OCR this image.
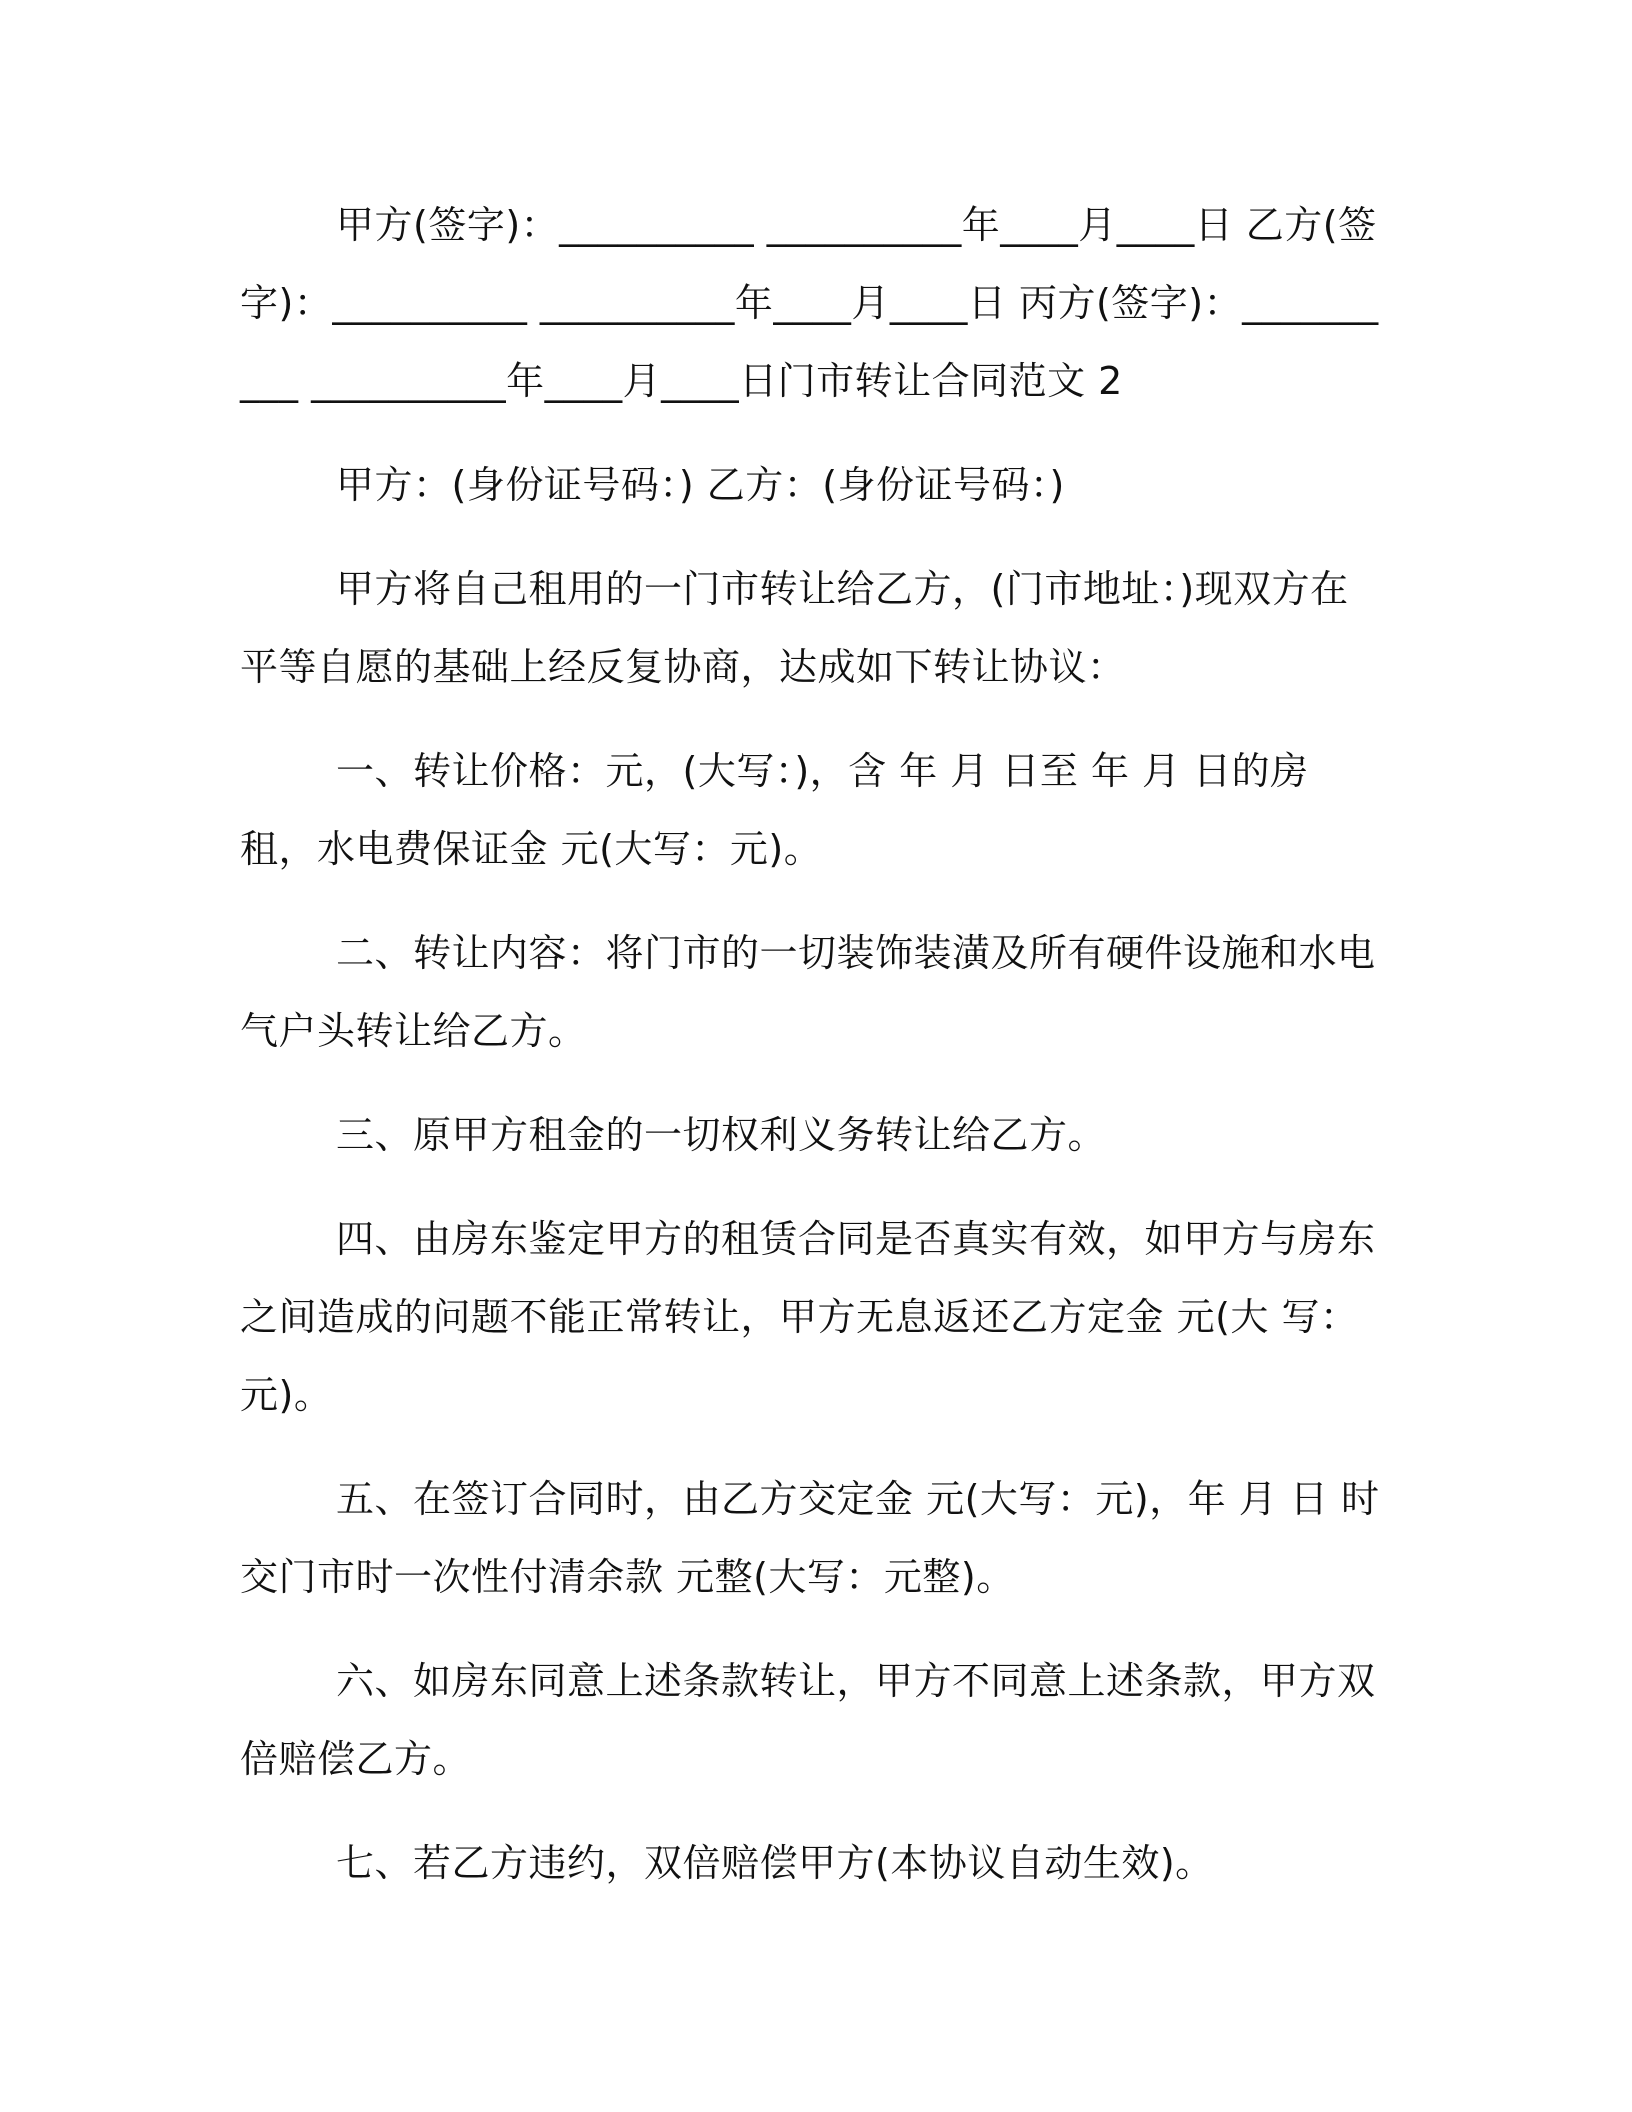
甲方(签字)：__________ __________年____月____日 乙方(签字)：__________ __________年____月____日 丙方(签字)：__________ __________年____月____日门市转让合同范文 2

甲方：(身份证号码：) 乙方：(身份证号码：)

甲方将自己租用的一门市转让给乙方，(门市地址：)现双方在平等自愿的基础上经反复协商，达成如下转让协议：

一、转让价格：元，(大写：)，含 年 月 日至 年 月 日的房租，水电费保证金 元(大写：元)。

二、转让内容：将门市的一切装饰装潢及所有硬件设施和水电气户头转让给乙方。

三、原甲方租金的一切权利义务转让给乙方。

四、由房东鉴定甲方的租赁合同是否真实有效，如甲方与房东之间造成的问题不能正常转让，甲方无息返还乙方定金 元(大 写：元)。

五、在签订合同时，由乙方交定金 元(大写：元)，年 月 日 时交门市时一次性付清余款 元整(大写：元整)。

六、如房东同意上述条款转让，甲方不同意上述条款，甲方双倍赔偿乙方。

七、若乙方违约，双倍赔偿甲方(本协议自动生效)。
